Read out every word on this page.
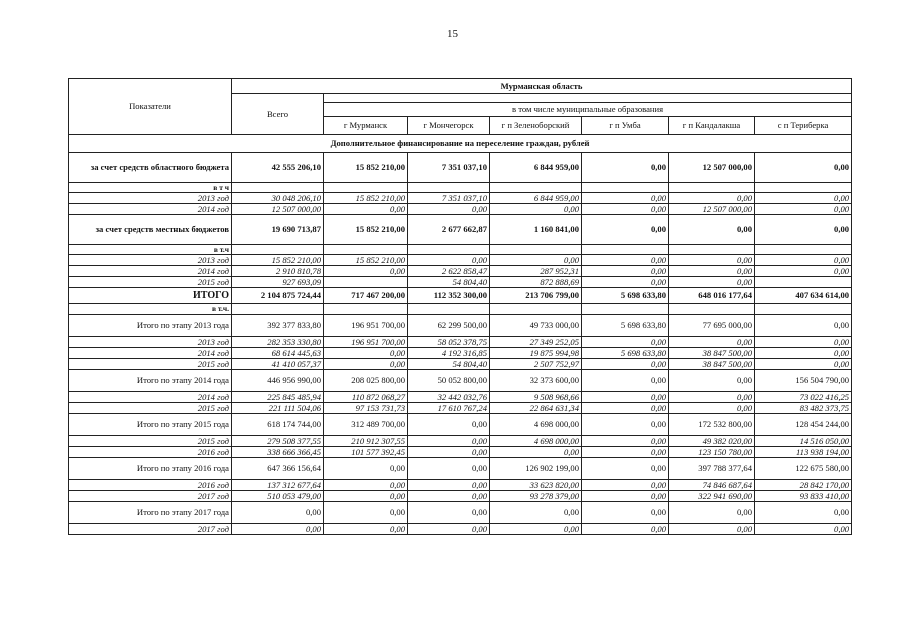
15
Показатели	Мурманская область						
	Всего						
		в том числе муниципальные образования					
		г Мурманск	г Мончегорск	г п Зеленоборский	г п Умба	г п Кандалакша	с п Териберка
Дополнительное финансирование на переселение граждан, рублей							
за счет средств областного бюджета	42 555 206,10	15 852 210,00	7 351 037,10	6 844 959,00	0,00	12 507 000,00	0,00
в т ч							
2013 год	30 048 206,10	15 852 210,00	7 351 037,10	6 844 959,00	0,00	0,00	0,00
2014 год	12 507 000,00	0,00	0,00	0,00	0,00	12 507 000,00	0,00
за счет средств местных бюджетов	19 690 713,87	15 852 210,00	2 677 662,87	1 160 841,00	0,00	0,00	0,00
в т.ч							
2013 год	15 852 210,00	15 852 210,00	0,00	0,00	0,00	0,00	0,00
2014 год	2 910 810,78	0,00	2 622 858,47	287 952,31	0,00	0,00	0,00
2015 год	927 693,09		54 804,40	872 888,69	0,00	0,00	
ИТОГО	2 104 875 724,44	717 467 200,00	112 352 300,00	213 706 799,00	5 698 633,80	648 016 177,64	407 634 614,00
в т.ч.							
Итого по этапу 2013 года	392 377 833,80	196 951 700,00	62 299 500,00	49 733 000,00	5 698 633,80	77 695 000,00	0,00
2013 год	282 353 330,80	196 951 700,00	58 052 378,75	27 349 252,05	0,00	0,00	0,00
2014 год	68 614 445,63	0,00	4 192 316,85	19 875 994,98	5 698 633,80	38 847 500,00	0,00
2015 год	41 410 057,37	0,00	54 804,40	2 507 752,97	0,00	38 847 500,00	0,00
Итого по этапу 2014 года	446 956 990,00	208 025 800,00	50 052 800,00	32 373 600,00	0,00	0,00	156 504 790,00
2014 год	225 845 485,94	110 872 068,27	32 442 032,76	9 508 968,66	0,00	0,00	73 022 416,25
2015 год	221 111 504,06	97 153 731,73	17 610 767,24	22 864 631,34	0,00	0,00	83 482 373,75
Итого по этапу 2015 года	618 174 744,00	312 489 700,00	0,00	4 698 000,00	0,00	172 532 800,00	128 454 244,00
2015 год	279 508 377,55	210 912 307,55	0,00	4 698 000,00	0,00	49 382 020,00	14 516 050,00
2016 год	338 666 366,45	101 577 392,45	0,00	0,00	0,00	123 150 780,00	113 938 194,00
Итого по этапу 2016 года	647 366 156,64	0,00	0,00	126 902 199,00	0,00	397 788 377,64	122 675 580,00
2016 год	137 312 677,64	0,00	0,00	33 623 820,00	0,00	74 846 687,64	28 842 170,00
2017 год	510 053 479,00	0,00	0,00	93 278 379,00	0,00	322 941 690,00	93 833 410,00
Итого по этапу 2017 года	0,00	0,00	0,00	0,00	0,00	0,00	0,00
2017 год	0,00	0,00	0,00	0,00	0,00	0,00	0,00
